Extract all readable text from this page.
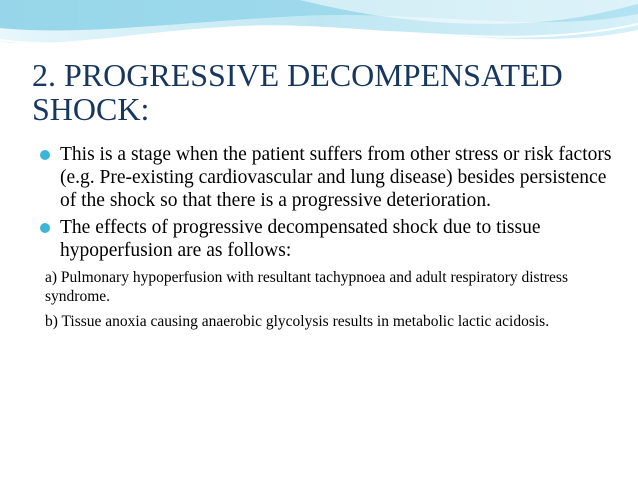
2. PROGRESSIVE DECOMPENSATED
SHOCK:

This is a stage when the patient suffers from other stress or risk factors (e.g. Pre-existing cardiovascular and lung disease) besides persistence of the shock so that there is a progressive deterioration.

The effects of progressive decompensated shock due to tissue hypoperfusion are as follows:

a) Pulmonary hypoperfusion with resultant tachypnoea and adult respiratory distress syndrome.

b) Tissue anoxia causing anaerobic glycolysis results in metabolic lactic acidosis.
